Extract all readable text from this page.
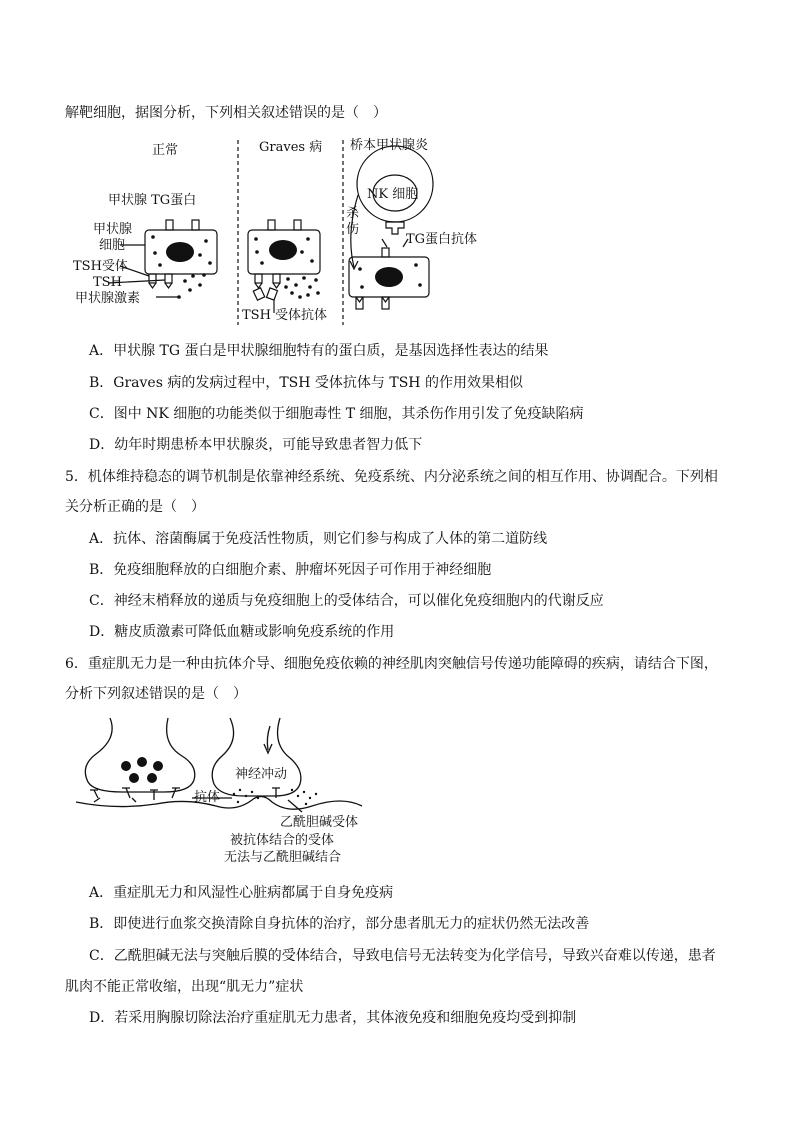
解靶细胞，据图分析，下列相关叙述错误的是（　）
正常	Graves 病 桥本甲状腺炎
甲状腺 TG蛋白
甲状腺
细胞
TSH受体
TSH
甲状腺激素
TSH 受体抗体
NK 细胞
杀
伤
TG蛋白抗体
A．甲状腺 TG 蛋白是甲状腺细胞特有的蛋白质，是基因选择性表达的结果
B．Graves 病的发病过程中，TSH 受体抗体与 TSH 的作用效果相似
C．图中 NK 细胞的功能类似于细胞毒性 T 细胞，其杀伤作用引发了免疫缺陷病
D．幼年时期患桥本甲状腺炎，可能导致患者智力低下
5．机体维持稳态的调节机制是依靠神经系统、免疫系统、内分泌系统之间的相互作用、协调配合。下列相
关分析正确的是（　）
A．抗体、溶菌酶属于免疫活性物质，则它们参与构成了人体的第二道防线
B．免疫细胞释放的白细胞介素、肿瘤坏死因子可作用于神经细胞
C．神经末梢释放的递质与免疫细胞上的受体结合，可以催化免疫细胞内的代谢反应
D．糖皮质激素可降低血糖或影响免疫系统的作用
6．重症肌无力是一种由抗体介导、细胞免疫依赖的神经肌肉突触信号传递功能障碍的疾病，请结合下图，
分析下列叙述错误的是（　）
神经冲动
抗体
乙酰胆碱受体
被抗体结合的受体
无法与乙酰胆碱结合
A．重症肌无力和风湿性心脏病都属于自身免疫病
B．即使进行血浆交换清除自身抗体的治疗，部分患者肌无力的症状仍然无法改善
C．乙酰胆碱无法与突触后膜的受体结合，导致电信号无法转变为化学信号，导致兴奋难以传递，患者
肌肉不能正常收缩，出现“肌无力”症状
D．若采用胸腺切除法治疗重症肌无力患者，其体液免疫和细胞免疫均受到抑制
